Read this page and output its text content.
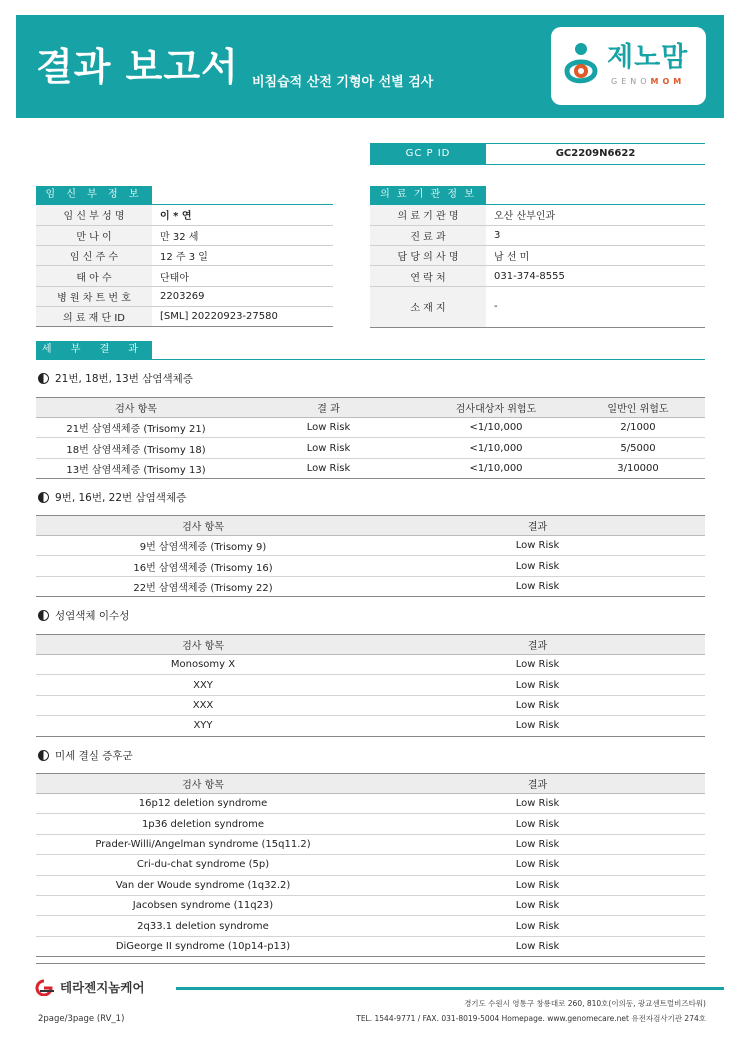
결과 보고서 비침습적 산전 기형아 선별 검사
제노맘
GENOMOM
GC P ID	GC2209N6622
임 신 부 정 보
임 신 부 성 명	이 * 연
만 나 이	만 32 세
임 신 주 수	12 주 3 일
태 아 수	단태아
병 원 차 트 번 호	2203269
의 료 재 단 ID	[SML] 20220923-27580
의 료 기 관 정 보
의 료 기 관 명	오산 산부인과
진 료 과	3
담 당 의 사 명	남 선 미
연 락 처	031-374-8555
소 재 지	-
세 부 결 과
21번, 18번, 13번 삼염색체증
검사 항목	결 과	검사대상자 위험도	일반인 위험도
21번 삼염색체증 (Trisomy 21)	Low Risk	<1/10,000	2/1000
18번 삼염색체증 (Trisomy 18)	Low Risk	<1/10,000	5/5000
13번 삼염색체증 (Trisomy 13)	Low Risk	<1/10,000	3/10000
9번, 16번, 22번 삼염색체증
검사 항목	결과
9번 삼염색체증 (Trisomy 9)	Low Risk
16번 삼염색체증 (Trisomy 16)	Low Risk
22번 삼염색체증 (Trisomy 22)	Low Risk
성염색체 이수성
검사 항목	결과
Monosomy X	Low Risk
XXY	Low Risk
XXX	Low Risk
XYY	Low Risk
미세 결실 증후군
검사 항목	결과
16p12 deletion syndrome	Low Risk
1p36 deletion syndrome	Low Risk
Prader-Willi/Angelman syndrome (15q11.2)	Low Risk
Cri-du-chat syndrome (5p)	Low Risk
Van der Woude syndrome (1q32.2)	Low Risk
Jacobsen syndrome (11q23)	Low Risk
2q33.1 deletion syndrome	Low Risk
DiGeorge II syndrome (10p14-p13)	Low Risk
테라젠지놈케어
경기도 수원시 영통구 창룡대로 260, 810호(이의동, 광교센트럴비즈타워)
TEL. 1544-9771 / FAX. 031-8019-5004 Homepage. www.genomecare.net 유전자검사기관 274호
2page/3page (RV_1)
